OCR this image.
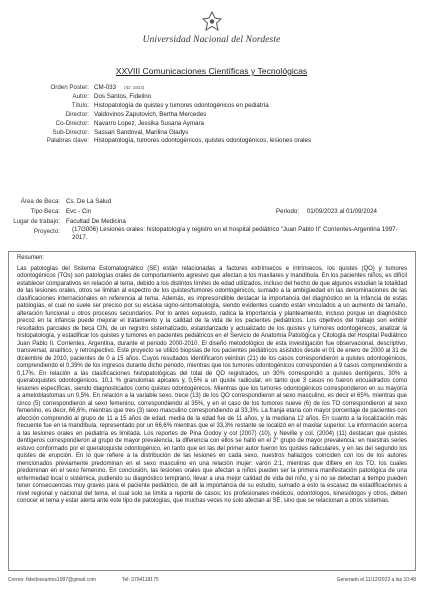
Universidad Nacional del Nordeste
XXVIII Comunicaciones Científicas y Tecnológicas
Orden Poster: CM-033 (ID: 1933)
Autor: Dos Santos, Fidelino
Título: Histopatología de quistes y tumores odontogénicos en pediatría
Director: Valdovinos Zaputovich, Bertha Mercedes
Co-Director: Navarro Lopez, Jessika Susana Aymara
Sub-Director: Sassari Sandoval, Marilina Gladys
Palabras clave: Histopatología, tumores odontogénicos, quistes odontogénicos, lesiones orales
Área de Beca: Cs. De La Salud
Tipo Beca: Evc - Cin	Periodo: 01/09/2023 al 01/09/2024
Lugar de trabajo: Facultad De Medicina
Proyecto:	(17G006) Lesiones orales: histopatología y registro en el hospital pediátrico "Juan Pablo II" Corrientes-Argentina 1997-2017.
Resumen:
Las patologías del Sistema Estomatognático (SE) están relacionadas a factores extrínsecos e intrínsecos, los quistes (QO) y tumores odontogénicos (TOs) son patologías orales de comportamiento agresivo que afectan a los maxilares y mandíbula. En los pacientes niños, es difícil establecer comparativos en relación al tema, debido a los distintos límites de edad utilizados, incluso del hecho de que algunos estudian la totalidad de las lesiones orales, otros se limitan al espectro de los quistes/tumores odontogénicos, sumado a la ambigüedad en las denominaciones de las clasificaciones internacionales en referencia al tema. Además, es imprescindible destacar la importancia del diagnóstico en la infancia de estas patologías, el cual no suele ser preciso por su escasa signo-sintomatología, siendo evidentes cuando están vinculados a un aumento de tamaño, alteración funcional u otros procesos secundarios. Por lo antes expuesto, radica la importancia y planteamiento, incluso porque un diagnóstico precoz en la infancia puede mejorar el tratamiento y la calidad de la vida de los pacientes pediátricos. Los objetivos del trabajo son exhibir resultados parciales de beca CIN, de un registro sistematizado, estandarizado y actualizado de los quistes y tumores odontogénicos, analizar la histopatología, y estadificar los quistes y tumores en pacientes pediátricos en el Servicio de Anatomía Patológica y Citología del Hospital Pediátrico Juan Pablo II. Corrientes, Argentina, durante el periodo 2000-2010. El diseño metodológico de esta investigación fue observacional, descriptivo, transversal, analítico, y retrospectivo. Este proyecto se utilizó biopsias de los pacientes pediátricos asistidos desde el 01 de enero de 2000 al 31 de diciembre de 2010, pacientes de 0 a 15 años. Cuyos resultados Identificaron veintiún (21) de los casos correspondieron a quistes odontogénicos, comprendiendo el 0,39% de los ingresos durante dicho periodo, mientras que los tumores odontogénicos corresponden a 9 casos comprendiendo a 0,17%. En relación a las clasificaciones histopatológicas del total de QO registrados, un 30% correspondió a quistes dentígeros, 30% a queratoquistes odontogénicos, 10,1 % granulomas apicales y, 0,5% a un quiste radicular, en tanto que 3 casos no fueron encuadrados como lesiones específicas, siendo diagnosticados como quistes odontogénicos. Mientras que los tumores odontogénicos correspondieron en su mayoría a ameloblastomas un 0,5%. En relación a la variable sexo, trece (13) de los QO correspondieron al sexo masculino, es decir el 65%, mientras que cinco (5) correspondieron al sexo femenino, correspondiendo al 35%, y en el caso de los tumores nueve (6) de los TO correspondieron al sexo femenino, es decir, 66,6%, mientras que tres (3) sexo masculino correspondiendo al 33,3%. La franja etaria con mayor porcentaje de pacientes con afección comprendió al grupo de 11 a 15 años de edad, media de la edad fue de 11 años, y la mediana 12 años. En cuanto a la localización más frecuente fue en la mandíbula, representado por un 66,6% mientras que el 33,3% restante se localizó en el maxilar superior. La información acerca a las lesiones orales en pediatría es limitada. Los reportes de Pina Godoy y col (2007) (10), y Neville y col. (2004) (11) destacan que quistes dentígeros correspondieron al grupo de mayor prevalencia, la diferencia con ellos se halló en el 2° grupo de mayor prevalencia: en nuestras series estuvo conformado por el queratoquiste odontogénico, en tanto que en las del primer autor fueron los quistes radiculares, y en las del segundo los quistes de erupción. En lo que refiere a la distribución de las lesiones en cada sexo, nuestros hallazgos coinciden con los de los autores mencionados previamente predominan en el sexo masculino en una relación mujer: varón 2:1, mientras que difiere en los TO, los cuales predominan en el sexo femenino. En conclusión, las lesiones orales que afectan a niños pueden ser la primera manifestación patológica de una enfermedad local o sistémica, pudiendo su diagnóstico temprano, llevar a una mejor calidad de vida del niño, y si no se detectan a tiempo pueden tener consecuencias muy graves para el paciente pediátrico, de allí la importancia de su estudio, sumado a esto la escasez de estadificaciones a nivel regional y nacional del tema, el cual solo se limita a reporte de casos; los profesionales médicos, odontólogos, kinesiólogos y otros, deben conocer el tema y estar alerta ante este tipo de patologías, que muchas veces no solo afectan al SE, sino que se relacionan a otros sistemas.
Correo: fidedossantos1997@gmail.com	Tel: 3794118175	Generado el 11/12/2023 a las 10:48
